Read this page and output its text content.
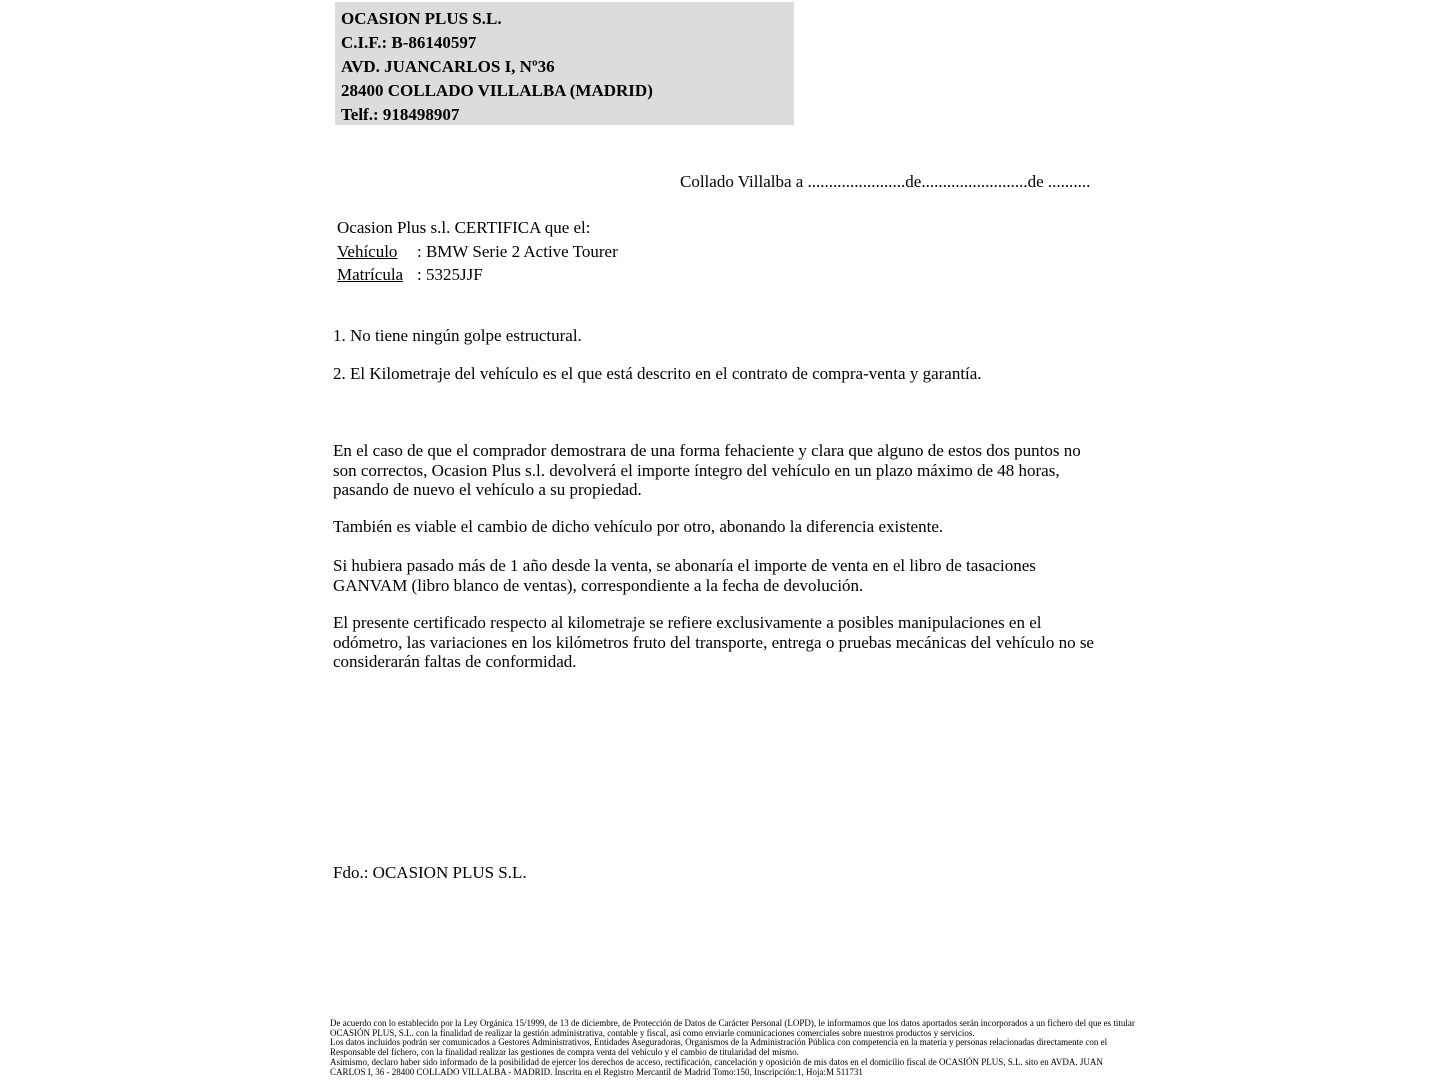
OCASION PLUS S.L.
C.I.F.: B-86140597
AVD. JUANCARLOS I, Nº36
28400 COLLADO VILLALBA (MADRID)
Telf.: 918498907
Collado Villalba a .......................de.........................de ..........
Ocasion Plus s.l. CERTIFICA que el:
Vehículo	: BMW Serie 2 Active Tourer
Matrícula : 5325JJF
1. No tiene ningún golpe estructural.
2. El Kilometraje del vehículo es el que está descrito en el contrato de compra-venta y garantía.
En el caso de que el comprador demostrara de una forma fehaciente y clara que alguno de estos dos puntos no son correctos, Ocasion Plus s.l. devolverá el importe íntegro del vehículo en un plazo máximo de 48 horas, pasando de nuevo el vehículo a su propiedad.
También es viable el cambio de dicho vehículo por otro, abonando la diferencia existente.
Si hubiera pasado más de 1 año desde la venta, se abonaría el importe de venta en el libro de tasaciones GANVAM (libro blanco de ventas), correspondiente a la fecha de devolución.
El presente certificado respecto al kilometraje se refiere exclusivamente a posibles manipulaciones en el odómetro, las variaciones en los kilómetros fruto del transporte, entrega o pruebas mecánicas del vehículo no se considerarán faltas de conformidad.
Fdo.: OCASION PLUS S.L.
De acuerdo con lo establecido por la Ley Orgánica 15/1999, de 13 de diciembre, de Protección de Datos de Carácter Personal (LOPD), le informamos que los datos aportados serán incorporados a un fichero del que es titular
OCASIÓN PLUS, S.L. con la finalidad de realizar la gestión administrativa, contable y fiscal, así como enviarle comunicaciones comerciales sobre nuestros productos y servicios.
Los datos incluidos podrán ser comunicados a Gestores Administrativos, Entidades Aseguradoras, Organismos de la Administración Pública con competencia en la materia y personas relacionadas directamente con el
Responsable del fichero, con la finalidad realizar las gestiones de compra venta del vehículo y el cambio de titularidad del mismo.
Asimismo, declaro haber sido informado de la posibilidad de ejercer los derechos de acceso, rectificación, cancelación y oposición de mis datos en el domicilio fiscal de OCASIÓN PLUS, S.L. sito en AVDA. JUAN
CARLOS I, 36 - 28400 COLLADO VILLALBA - MADRID. Inscrita en el Registro Mercantil de Madrid Tomo:150, Inscripción:1, Hoja:M 511731
